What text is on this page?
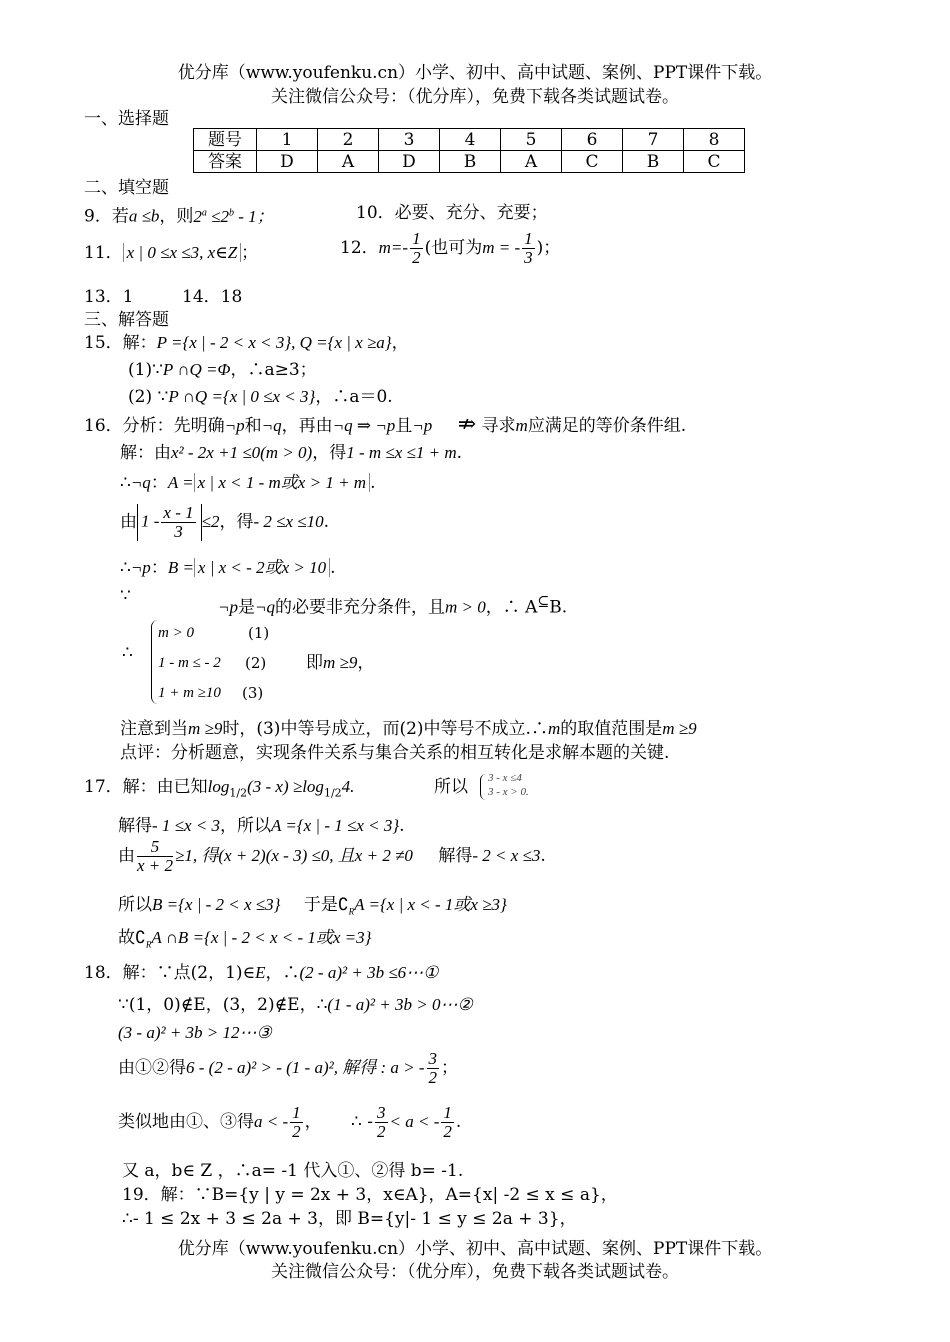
优分库（www.youfenku.cn）小学、初中、高中试题、案例、PPT课件下载。
关注微信公众号：（优分库），免费下载各类试题试卷。
一、选择题
题号	1	2	3	4	5	6	7	8
答案	D	A	D	B	A	C	B	C
二、填空题
9．若a ≤b，则$2^a \le 2^b - 1$；	10．必要、充分、充要；
11． x | 0 ≤x ≤3, x∈Z ；	12．$m=- \frac{1}{2}$ (也可为m = - $\frac{1}{3}$ )；
13．1	14．18
三、解答题
15．解：P ={x | - 2 < x < 3}, Q ={x | x ≥a}，
(1)∵P ∩Q =Φ，∴a≥3；
(2) ∵P ∩Q ={x | 0 ≤x < 3}，∴a＝0.
16．分析：先明确¬p和¬q，再由¬q ⇒ ¬p且¬p ⇏ 寻求m应满足的等价条件组.
解：由x² - 2x +1 ≤0(m > 0)，得1 - m ≤x ≤1 + m.
∴¬q：A = x | x < 1 - m或x > 1 + m .
由 $1 - \frac{x - 1}{3} \le 2$，得- 2 ≤x ≤10.
∴¬p：B = x | x < - 2或x > 10 .
∵
¬p是¬q的必要非充分条件，且m > 0，∴ A⊆B.
∴
m > 0	(1)
1 - m ≤ - 2 (2)
1 + m ≥10 (3)
即m ≥9，
注意到当m ≥9时，(3)中等号成立，而(2)中等号不成立.∴m的取值范围是m ≥9
点评：分析题意，实现条件关系与集合关系的相互转化是求解本题的关键.
17．解：由已知$\log_{1/2}(3 - x) \ge\log_{1/2}4$.	所以 3 - x ≤4
3 - x > 0.
解得- 1 ≤x < 3，所以A ={x | - 1 ≤x < 3}.
由 $\frac{5}{x + 2} \ge 1$, 得(x + 2)(x - 3) ≤0, 且x + 2 ≠0 解得- 2 < x ≤3.
所以B ={x | - 2 < x ≤3} 于是$∁_RA =\{x$ | x < - 1或x ≥3}
故$∁_RA$ ∩B ={x | - 2 < x < - 1或x =3}
18．解：∵点(2，1)∈E，∴(2 - a)² + 3b ≤6⋯①
∵(1，0)∉E，(3，2)∉E，∴(1 - a)² + 3b > 0⋯②
(3 - a)² + 3b > 12⋯③
由①②得6 - (2 - a)² > - (1 - a)², 解得 : a > - $\frac{3}{2}$ ；
类似地由①、③得a < - $\frac{1}{2}$ ， ∴ - $\frac{3}{2} < a$ < - $\frac{1}{2}$ .
又 a，b∈ Z ，∴a= -1 代入①、②得 b= -1.
19．解：∵B={y | y = 2x + 3，x∈A}，A={x| -2 ≤ x ≤ a}，
∴- 1 ≤ 2x + 3 ≤ 2a + 3，即 B={y|- 1 ≤ y ≤ 2a + 3}，
优分库（www.youfenku.cn）小学、初中、高中试题、案例、PPT课件下载。
关注微信公众号：（优分库），免费下载各类试题试卷。
